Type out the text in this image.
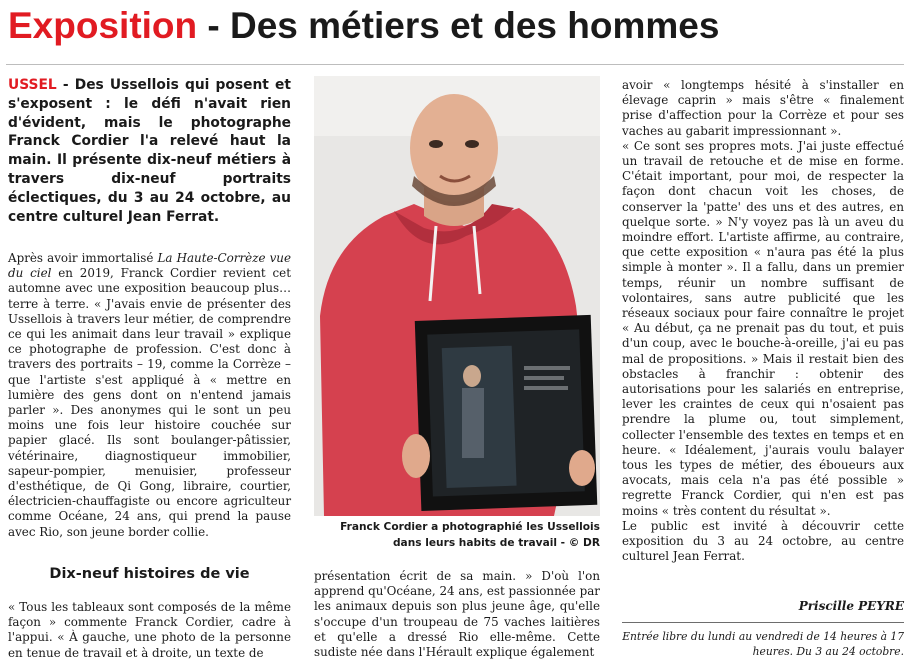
Exposition - Des métiers et des hommes
USSEL - Des Ussellois qui posent et s'exposent : le défi n'avait rien d'évident, mais le photographe Franck Cordier l'a relevé haut la main. Il présente dix-neuf métiers à travers dix-neuf portraits éclectiques, du 3 au 24 octobre, au centre culturel Jean Ferrat.

Après avoir immortalisé La Haute-Corrèze vue du ciel en 2019, Franck Cordier revient cet automne avec une exposition beaucoup plus… terre à terre. « J'avais envie de présenter des Ussellois à travers leur métier, de comprendre ce qui les animait dans leur travail » explique ce photographe de profession. C'est donc à travers des portraits – 19, comme la Corrèze – que l'artiste s'est appliqué à « mettre en lumière des gens dont on n'entend jamais parler ». Des anonymes qui le sont un peu moins une fois leur histoire couchée sur papier glacé. Ils sont boulanger-pâtissier, vétérinaire, diagnostiqueur immobilier, sapeur-pompier, menuisier, professeur d'esthétique, de Qi Gong, libraire, courtier, électricien-chauffagiste ou encore agriculteur comme Océane, 24 ans, qui prend la pause avec Rio, son jeune border collie.

Dix-neuf histoires de vie

« Tous les tableaux sont composés de la même façon » commente Franck Cordier, cadre à l'appui. « À gauche, une photo de la personne en tenue de travail et à droite, un texte de

Franck Cordier a photographié les Ussellois dans leurs habits de travail - © DR

présentation écrit de sa main. » D'où l'on apprend qu'Océane, 24 ans, est passionnée par les animaux depuis son plus jeune âge, qu'elle s'occupe d'un troupeau de 75 vaches laitières et qu'elle a dressé Rio elle-même. Cette sudiste née dans l'Hérault explique également

avoir « longtemps hésité à s'installer en élevage caprin » mais s'être « finalement prise d'affection pour la Corrèze et pour ses vaches au gabarit impressionnant ».

« Ce sont ses propres mots. J'ai juste effectué un travail de retouche et de mise en forme. C'était important, pour moi, de respecter la façon dont chacun voit les choses, de conserver la 'patte' des uns et des autres, en quelque sorte. » N'y voyez pas là un aveu du moindre effort. L'artiste affirme, au contraire, que cette exposition « n'aura pas été la plus simple à monter ». Il a fallu, dans un premier temps, réunir un nombre suffisant de volontaires, sans autre publicité que les réseaux sociaux pour faire connaître le projet « Au début, ça ne prenait pas du tout, et puis d'un coup, avec le bouche-à-oreille, j'ai eu pas mal de propositions. » Mais il restait bien des obstacles à franchir : obtenir des autorisations pour les salariés en entreprise, lever les craintes de ceux qui n'osaient pas prendre la plume ou, tout simplement, collecter l'ensemble des textes en temps et en heure. « Idéalement, j'aurais voulu balayer tous les types de métier, des éboueurs aux avocats, mais cela n'a pas été possible » regrette Franck Cordier, qui n'en est pas moins « très content du résultat ».

Le public est invité à découvrir cette exposition du 3 au 24 octobre, au centre culturel Jean Ferrat.

Priscille PEYRE
Entrée libre du lundi au vendredi de 14 heures à 17 heures. Du 3 au 24 octobre.
